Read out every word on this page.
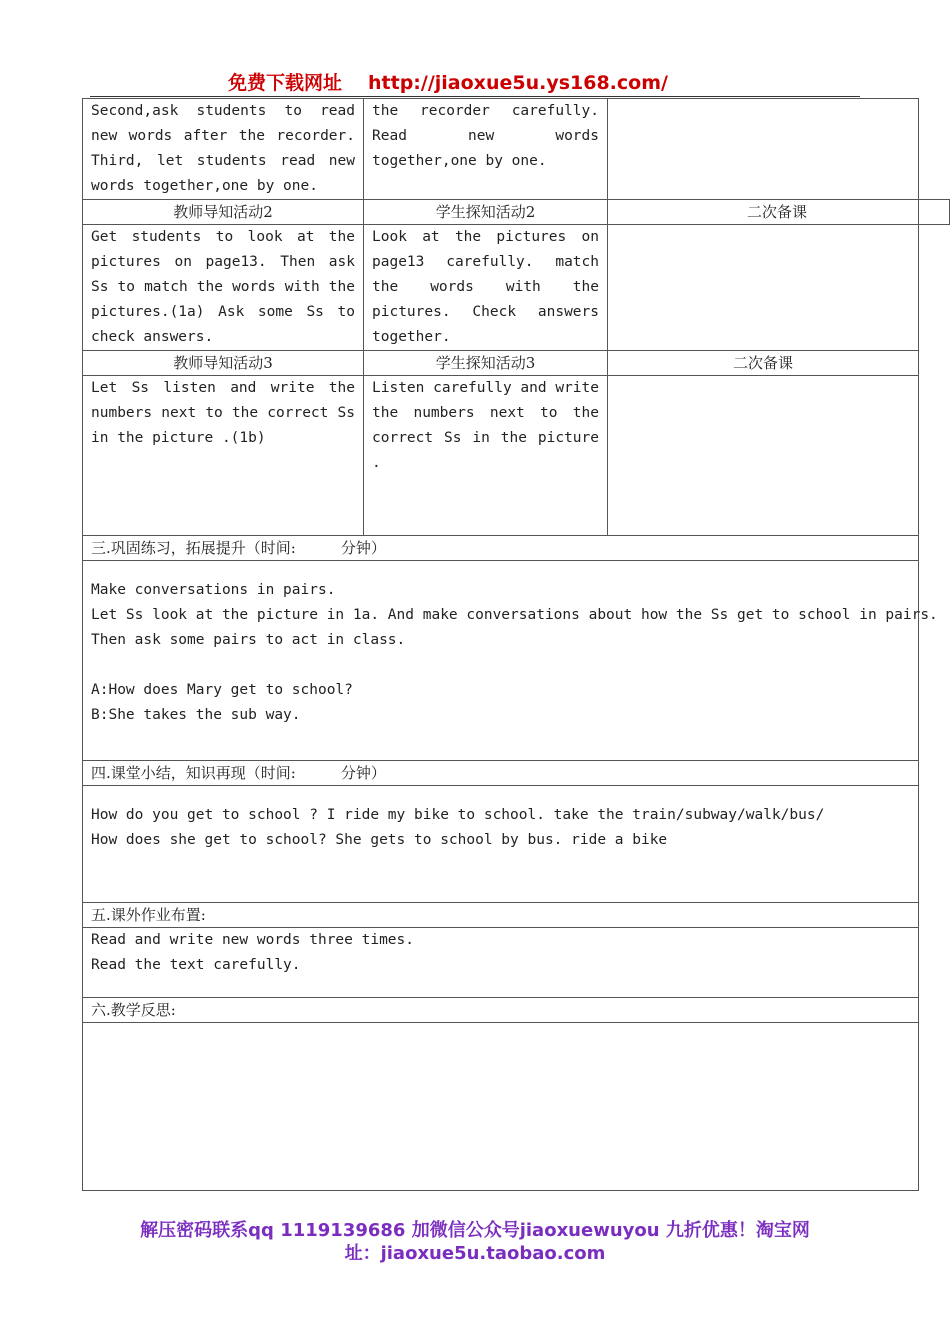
免费下载网址 http://jiaoxue5u.ys168.com/
Second,ask students to read new words after the recorder. Third, let students read new words together,one by one.	the recorder carefully. Read new words together,one by one.	
教师导知活动2	学生探知活动2	二次备课
Get students to look at the pictures on page13. Then ask Ss to match the words with the pictures.(1a) Ask some Ss to check answers.	Look at the pictures on page13 carefully. match the words with the pictures. Check answers together.	
教师导知活动3	学生探知活动3	二次备课
Let Ss listen and write the numbers next to the correct Ss in the picture .(1b)	Listen carefully and write the numbers next to the correct Ss in the picture .	
三.巩固练习，拓展提升（时间:　　　分钟）		

Make conversations in pairs.
Let Ss look at the picture in 1a. And make conversations about how the Ss get to school in pairs.
Then ask some pairs to act in class.
A:How does Mary get to school?
B:She takes the sub way.		

四.课堂小结，知识再现（时间:　　　分钟）		

How do you get to school ? I ride my bike to school. take the train/subway/walk/bus/
How does she get to school? She gets to school by bus. ride a bike		

五.课外作业布置:		

Read and write new words three times.
Read the text carefully.		

六.教学反思:		

解压密码联系qq 1119139686 加微信公众号jiaoxuewuyou 九折优惠！淘宝网
址：jiaoxue5u.taobao.com
